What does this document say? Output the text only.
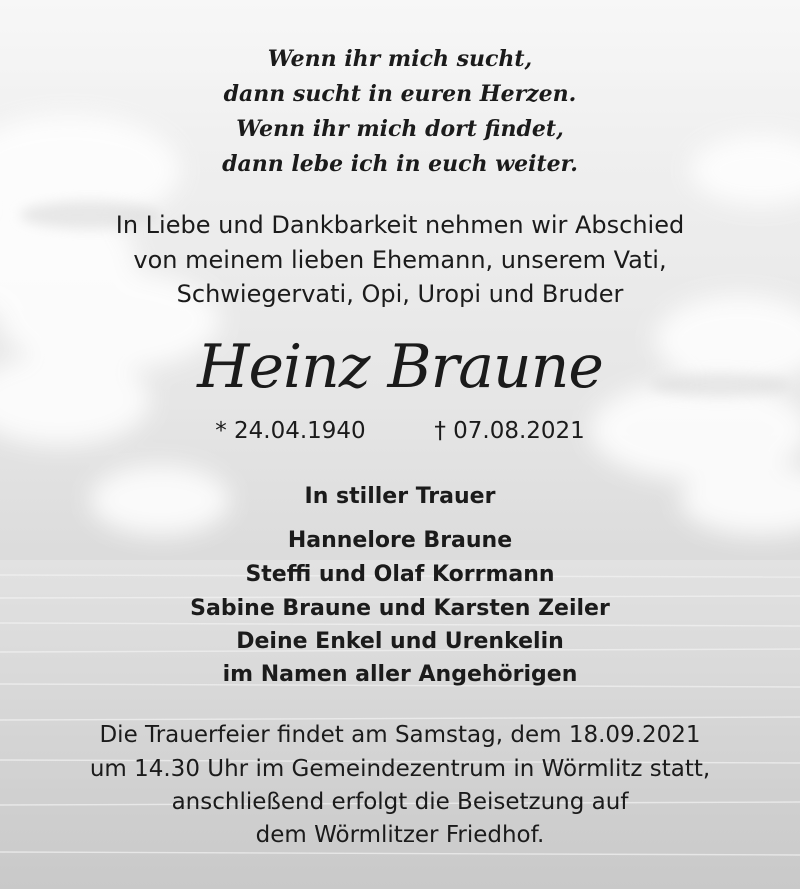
Wenn ihr mich sucht,
dann sucht in euren Herzen.
Wenn ihr mich dort findet,
dann lebe ich in euch weiter.
In Liebe und Dankbarkeit nehmen wir Abschied
von meinem lieben Ehemann, unserem Vati,
Schwiegervati, Opi, Uropi und Bruder
Heinz Braune
* 24.04.1940	† 07.08.2021
In stiller Trauer
Hannelore Braune
Steffi und Olaf Korrmann
Sabine Braune und Karsten Zeiler
Deine Enkel und Urenkelin
im Namen aller Angehörigen
Die Trauerfeier findet am Samstag, dem 18.09.2021
um 14.30 Uhr im Gemeindezentrum in Wörmlitz statt,
anschließend erfolgt die Beisetzung auf
dem Wörmlitzer Friedhof.
